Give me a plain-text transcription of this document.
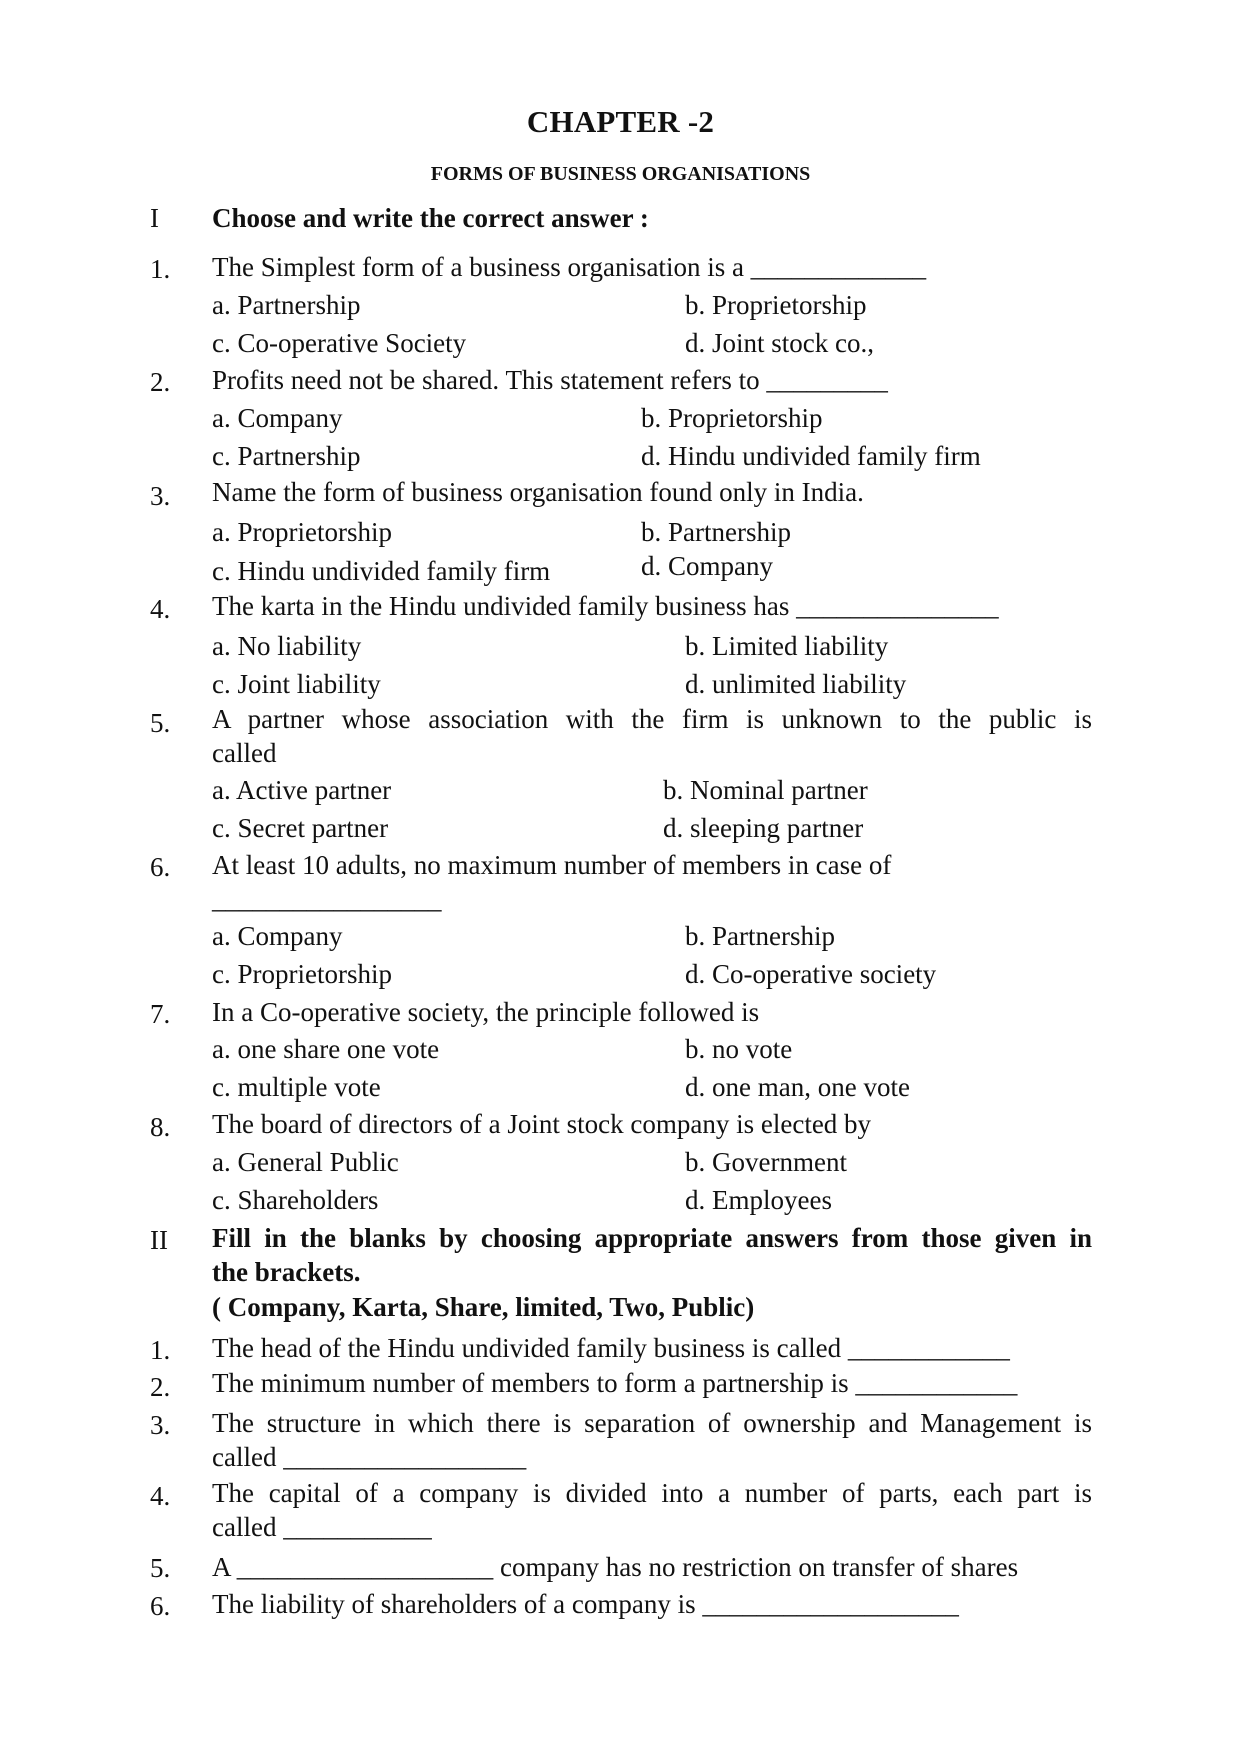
CHAPTER -2
FORMS OF BUSINESS ORGANISATIONS
I Choose and write the correct answer :
1. The Simplest form of a business organisation is a _____________
a. Partnership	b. Proprietorship
c. Co-operative Society	d. Joint stock co.,
2. Profits need not be shared. This statement refers to _________
a. Company	b. Proprietorship
c. Partnership	d. Hindu undivided family firm
3. Name the form of business organisation found only in India.
a. Proprietorship	b. Partnership
c. Hindu undivided family firm	d. Company
4. The karta in the Hindu undivided family business has _______________
a. No liability	b. Limited liability
c. Joint liability	d. unlimited liability
5. A partner whose association with the firm is unknown to the public is
called
a. Active partner	b. Nominal partner
c. Secret partner	d. sleeping partner
6. At least 10 adults, no maximum number of members in case of
_________________
a. Company	b. Partnership
c. Proprietorship	d. Co-operative society
7. In a Co-operative society, the principle followed is
a. one share one vote	b. no vote
c. multiple vote	d. one man, one vote
8. The board of directors of a Joint stock company is elected by
a. General Public	b. Government
c. Shareholders	d. Employees
II Fill in the blanks by choosing appropriate answers from those given in
the brackets.
( Company, Karta, Share, limited, Two, Public)
1. The head of the Hindu undivided family business is called ____________
2. The minimum number of members to form a partnership is ____________
3. The structure in which there is separation of ownership and Management is
called __________________
4. The capital of a company is divided into a number of parts, each part is
called ___________
5. A ___________________ company has no restriction on transfer of shares
6. The liability of shareholders of a company is ___________________
